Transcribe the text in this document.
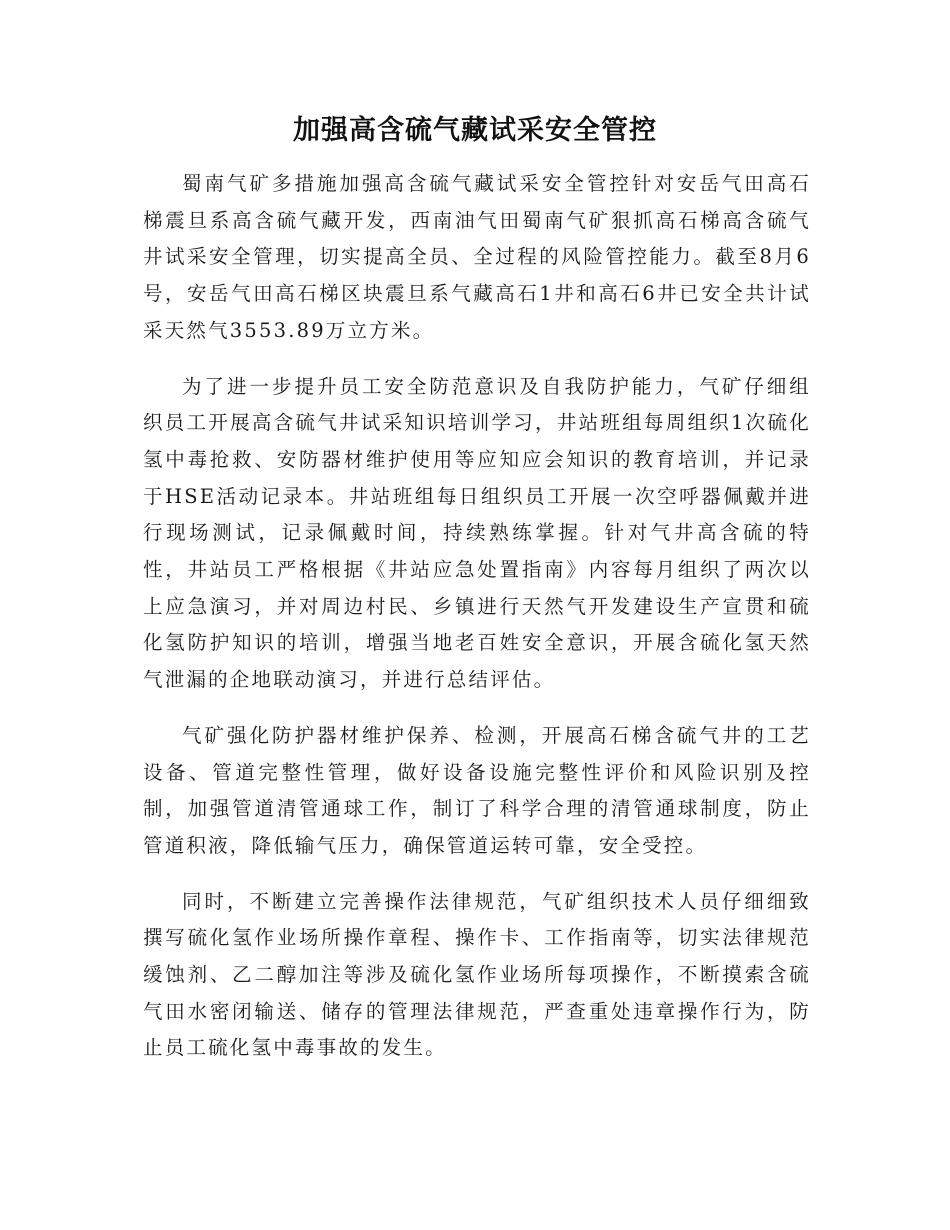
加强高含硫气藏试采安全管控

蜀南气矿多措施加强高含硫气藏试采安全管控针对安岳气田高石梯震旦系高含硫气藏开发，西南油气田蜀南气矿狠抓高石梯高含硫气井试采安全管理，切实提高全员、全过程的风险管控能力。截至8月6号，安岳气田高石梯区块震旦系气藏高石1井和高石6井已安全共计试采天然气3553.89万立方米。

为了进一步提升员工安全防范意识及自我防护能力，气矿仔细组织员工开展高含硫气井试采知识培训学习，井站班组每周组织1次硫化氢中毒抢救、安防器材维护使用等应知应会知识的教育培训，并记录于HSE活动记录本。井站班组每日组织员工开展一次空呼器佩戴并进行现场测试，记录佩戴时间，持续熟练掌握。针对气井高含硫的特性，井站员工严格根据《井站应急处置指南》内容每月组织了两次以上应急演习，并对周边村民、乡镇进行天然气开发建设生产宣贯和硫化氢防护知识的培训，增强当地老百姓安全意识，开展含硫化氢天然气泄漏的企地联动演习，并进行总结评估。

气矿强化防护器材维护保养、检测，开展高石梯含硫气井的工艺设备、管道完整性管理，做好设备设施完整性评价和风险识别及控制，加强管道清管通球工作，制订了科学合理的清管通球制度，防止管道积液，降低输气压力，确保管道运转可靠，安全受控。

同时，不断建立完善操作法律规范，气矿组织技术人员仔细细致撰写硫化氢作业场所操作章程、操作卡、工作指南等，切实法律规范缓蚀剂、乙二醇加注等涉及硫化氢作业场所每项操作，不断摸索含硫气田水密闭输送、储存的管理法律规范，严查重处违章操作行为，防止员工硫化氢中毒事故的发生。
